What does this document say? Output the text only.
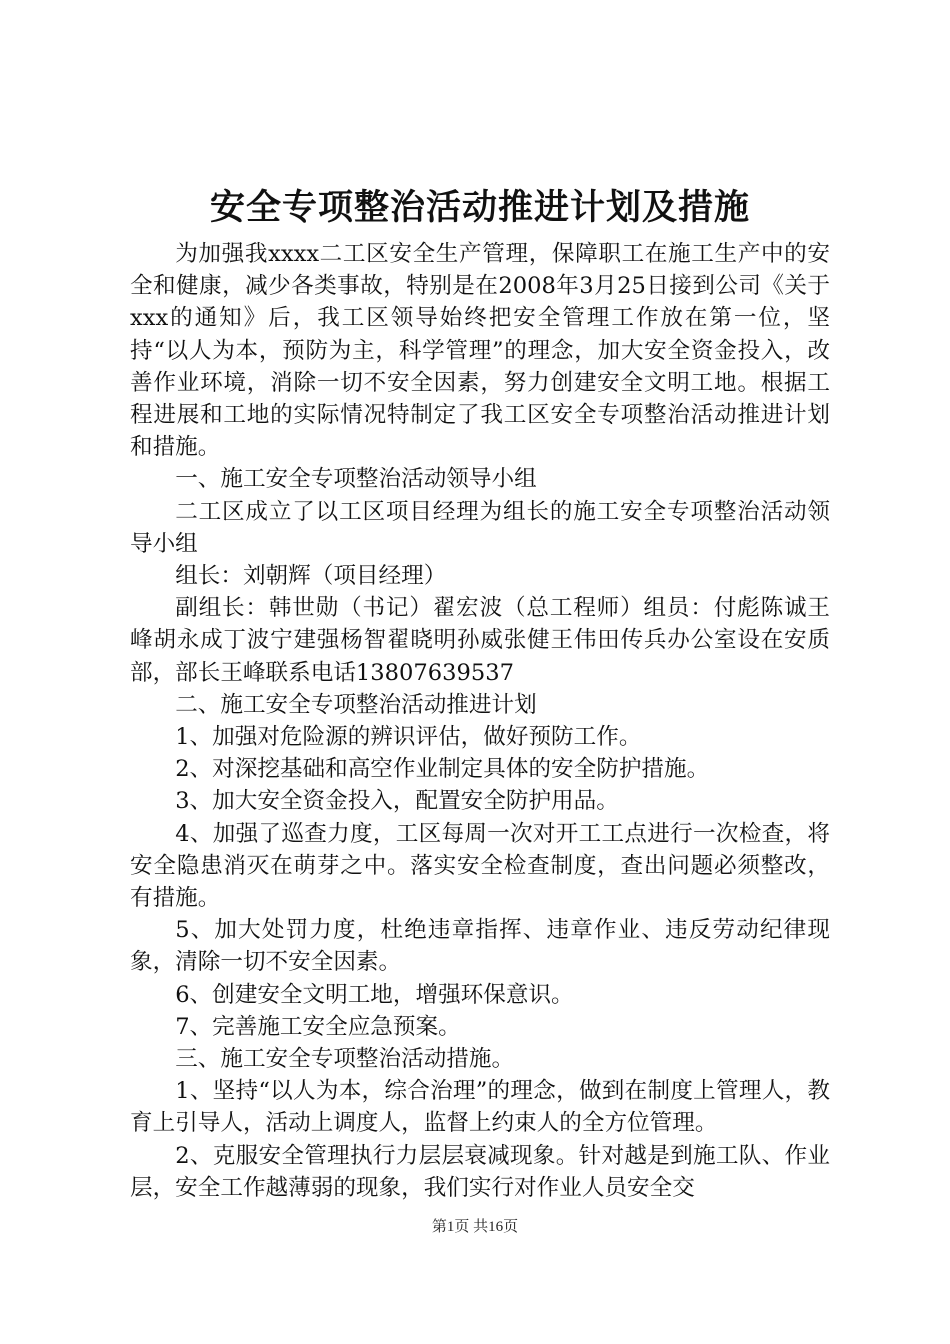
安全专项整治活动推进计划及措施

为加强我xxxx二工区安全生产管理，保障职工在施工生产中的安全和健康，减少各类事故，特别是在2008年3月25日接到公司《关于xxx的通知》后，我工区领导始终把安全管理工作放在第一位，坚持“以人为本，预防为主，科学管理”的理念，加大安全资金投入，改善作业环境，消除一切不安全因素，努力创建安全文明工地。根据工程进展和工地的实际情况特制定了我工区安全专项整治活动推进计划和措施。

一、施工安全专项整治活动领导小组

二工区成立了以工区项目经理为组长的施工安全专项整治活动领导小组

组长：刘朝辉（项目经理）

副组长：韩世勋（书记）翟宏波（总工程师）组员：付彪陈诚王峰胡永成丁波宁建强杨智翟晓明孙威张健王伟田传兵办公室设在安质部，部长王峰联系电话13807639537

二、施工安全专项整治活动推进计划

1、加强对危险源的辨识评估，做好预防工作。

2、对深挖基础和高空作业制定具体的安全防护措施。

3、加大安全资金投入，配置安全防护用品。

4、加强了巡查力度，工区每周一次对开工工点进行一次检查，将安全隐患消灭在萌芽之中。落实安全检查制度，查出问题必须整改，有措施。

5、加大处罚力度，杜绝违章指挥、违章作业、违反劳动纪律现象，清除一切不安全因素。

6、创建安全文明工地，增强环保意识。

7、完善施工安全应急预案。

三、施工安全专项整治活动措施。

1、坚持“以人为本，综合治理”的理念，做到在制度上管理人，教育上引导人，活动上调度人，监督上约束人的全方位管理。

2、克服安全管理执行力层层衰减现象。针对越是到施工队、作业层，安全工作越薄弱的现象，我们实行对作业人员安全交

第1页 共16页
